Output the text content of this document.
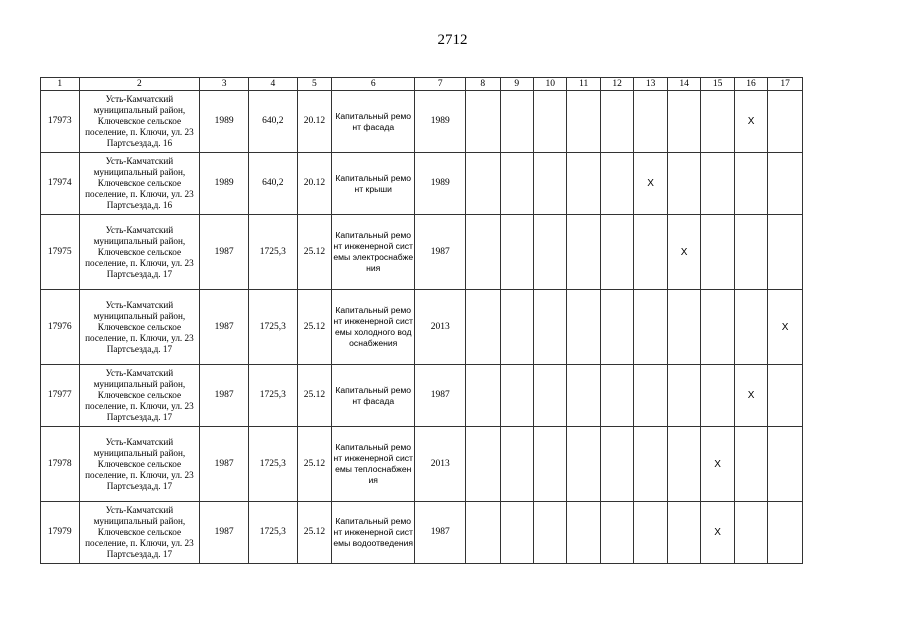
2712
1	2	3	4	5	6	7	8	9	10	11	12	13	14	15	16	17
17973	Усть-Камчатский муниципальный район, Ключевское сельское поселение, п. Ключи, ул. 23 Партсъезда,д. 16	1989	640,2	20.12	Капитальный ремонт фасада	1989									X	
17974	Усть-Камчатский муниципальный район, Ключевское сельское поселение, п. Ключи, ул. 23 Партсъезда,д. 16	1989	640,2	20.12	Капитальный ремонт крыши	1989						X				
17975	Усть-Камчатский муниципальный район, Ключевское сельское поселение, п. Ключи, ул. 23 Партсъезда,д. 17	1987	1725,3	25.12	Капитальный ремонт инженерной системы электроснабжения	1987							X			
17976	Усть-Камчатский муниципальный район, Ключевское сельское поселение, п. Ключи, ул. 23 Партсъезда,д. 17	1987	1725,3	25.12	Капитальный ремонт инженерной системы холодного водоснабжения	2013										X
17977	Усть-Камчатский муниципальный район, Ключевское сельское поселение, п. Ключи, ул. 23 Партсъезда,д. 17	1987	1725,3	25.12	Капитальный ремонт фасада	1987									X	
17978	Усть-Камчатский муниципальный район, Ключевское сельское поселение, п. Ключи, ул. 23 Партсъезда,д. 17	1987	1725,3	25.12	Капитальный ремонт инженерной системы теплоснабжения	2013								X		
17979	Усть-Камчатский муниципальный район, Ключевское сельское поселение, п. Ключи, ул. 23 Партсъезда,д. 17	1987	1725,3	25.12	Капитальный ремонт инженерной системы водоотведения	1987								X		
